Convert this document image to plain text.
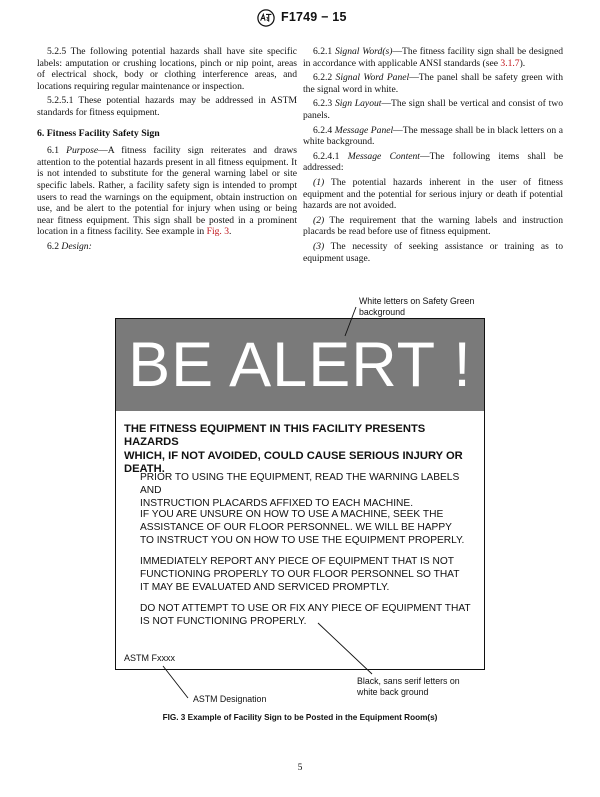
F1749 − 15

5.2.5 The following potential hazards shall have site specific labels: amputation or crushing locations, pinch or nip point, areas of electrical shock, body or clothing interference areas, and locations requiring regular maintenance or inspection.

5.2.5.1 These potential hazards may be addressed in ASTM standards for fitness equipment.

6. Fitness Facility Safety Sign

6.1 Purpose—A fitness facility sign reiterates and draws attention to the potential hazards present in all fitness equipment. It is not intended to substitute for the general warning label or site specific labels. Rather, a facility safety sign is intended to prompt users to read the warnings on the equipment, obtain instruction on use, and be alert to the potential for injury when using or being near fitness equipment. This sign shall be posted in a prominent location in a fitness facility. See example in Fig. 3.

6.2 Design:

6.2.1 Signal Word(s)—The fitness facility sign shall be designed in accordance with applicable ANSI standards (see 3.1.7).

6.2.2 Signal Word Panel—The panel shall be safety green with the signal word in white.

6.2.3 Sign Layout—The sign shall be vertical and consist of two panels.

6.2.4 Message Panel—The message shall be in black letters on a white background.

6.2.4.1 Message Content—The following items shall be addressed:

(1) The potential hazards inherent in the user of fitness equipment and the potential for serious injury or death if potential hazards are not avoided.

(2) The requirement that the warning labels and instruction placards be read before use of fitness equipment.

(3) The necessity of seeking assistance or training as to equipment usage.

White letters on Safety Green
background
BE ALERT !
THE FITNESS EQUIPMENT IN THIS FACILITY PRESENTS HAZARDS
WHICH, IF NOT AVOIDED, COULD CAUSE SERIOUS INJURY OR
DEATH.
PRIOR TO USING THE EQUIPMENT, READ THE WARNING LABELS AND
INSTRUCTION PLACARDS AFFIXED TO EACH MACHINE.
IF YOU ARE UNSURE ON HOW TO USE A MACHINE, SEEK THE
ASSISTANCE OF OUR FLOOR PERSONNEL. WE WILL BE HAPPY
TO INSTRUCT YOU ON HOW TO USE THE EQUIPMENT PROPERLY.
IMMEDIATELY REPORT ANY PIECE OF EQUIPMENT THAT IS NOT
FUNCTIONING PROPERLY TO OUR FLOOR PERSONNEL SO THAT
IT MAY BE EVALUATED AND SERVICED PROMPTLY.
DO NOT ATTEMPT TO USE OR FIX ANY PIECE OF EQUIPMENT THAT
IS NOT FUNCTIONING PROPERLY.
ASTM Fxxxx
Black, sans serif letters on
white back ground
ASTM Designation
FIG. 3 Example of Facility Sign to be Posted in the Equipment Room(s)
5
